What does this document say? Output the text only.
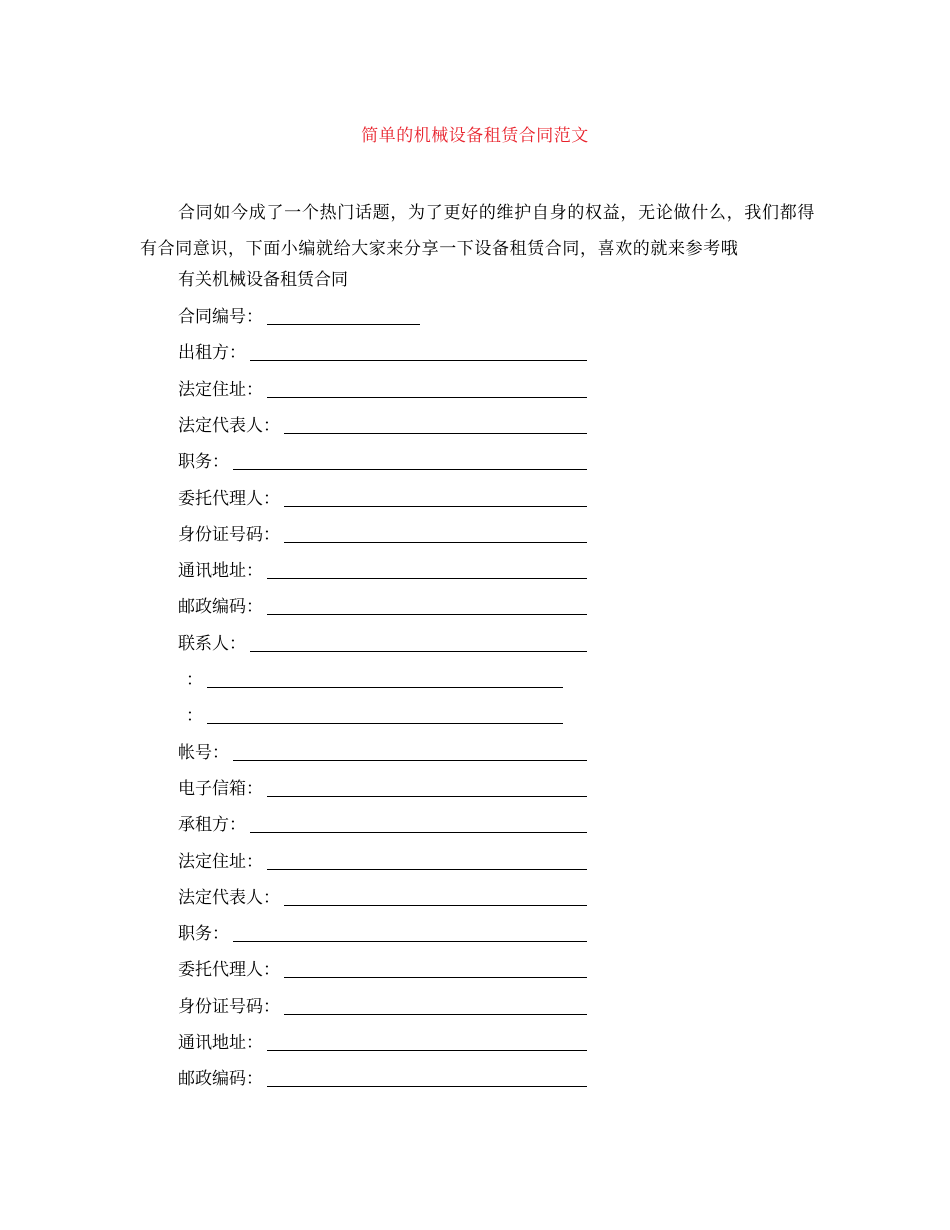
简单的机械设备租赁合同范文
合同如今成了一个热门话题，为了更好的维护自身的权益，无论做什么，我们都得有合同意识，下面小编就给大家来分享一下设备租赁合同，喜欢的就来参考哦
有关机械设备租赁合同
合同编号：
出租方：
法定住址：
法定代表人：
职务：
委托代理人：
身份证号码：
通讯地址：
邮政编码：
联系人：
：
：
帐号：
电子信箱：
承租方：
法定住址：
法定代表人：
职务：
委托代理人：
身份证号码：
通讯地址：
邮政编码：
